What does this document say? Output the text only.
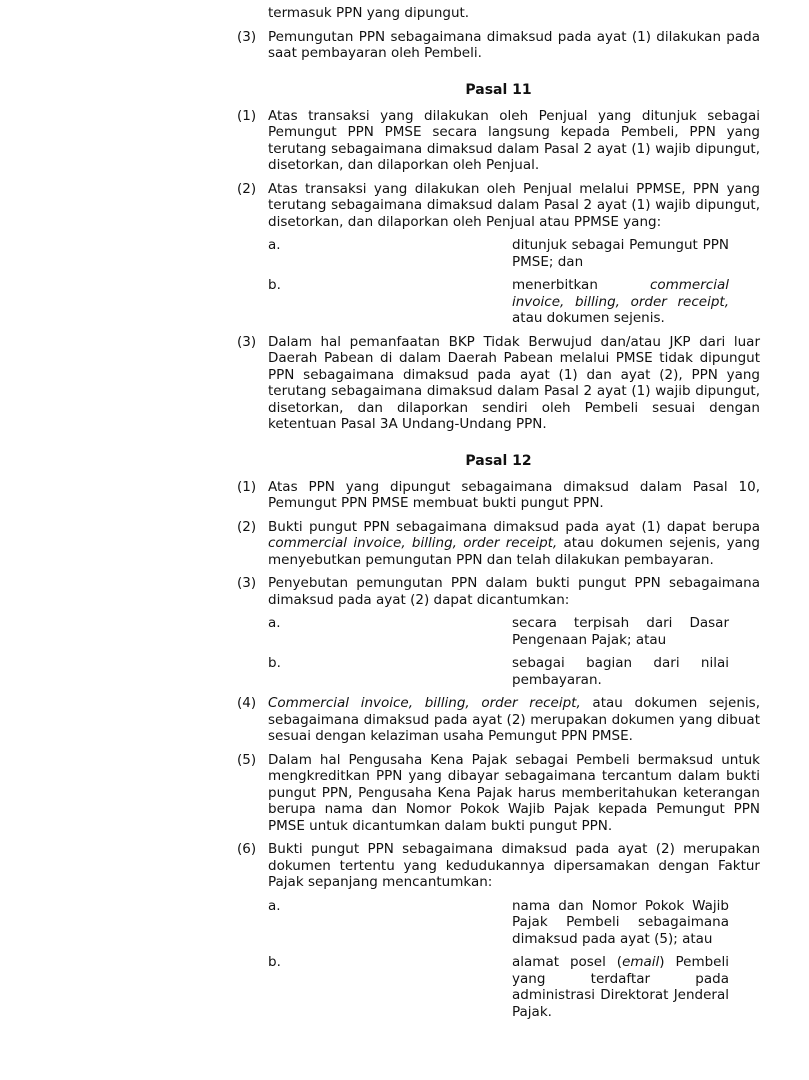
termasuk PPN yang dipungut.

(3) Pemungutan PPN sebagaimana dimaksud pada ayat (1) dilakukan pada saat pembayaran oleh Pembeli.

Pasal 11
(1) Atas transaksi yang dilakukan oleh Penjual yang ditunjuk sebagai Pemungut PPN PMSE secara langsung kepada Pembeli, PPN yang terutang sebagaimana dimaksud dalam Pasal 2 ayat (1) wajib dipungut, disetorkan, dan dilaporkan oleh Penjual.

(2) Atas transaksi yang dilakukan oleh Penjual melalui PPMSE, PPN yang terutang sebagaimana dimaksud dalam Pasal 2 ayat (1) wajib dipungut, disetorkan, dan dilaporkan oleh Penjual atau PPMSE yang:

a.	ditunjuk sebagai Pemungut PPN PMSE; dan

b.	menerbitkan commercial invoice, billing, order receipt, atau dokumen sejenis.

(3) Dalam hal pemanfaatan BKP Tidak Berwujud dan/atau JKP dari luar Daerah Pabean di dalam Daerah Pabean melalui PMSE tidak dipungut PPN sebagaimana dimaksud pada ayat (1) dan ayat (2), PPN yang terutang sebagaimana dimaksud dalam Pasal 2 ayat (1) wajib dipungut, disetorkan, dan dilaporkan sendiri oleh Pembeli sesuai dengan ketentuan Pasal 3A Undang-Undang PPN.

Pasal 12
(1) Atas PPN yang dipungut sebagaimana dimaksud dalam Pasal 10, Pemungut PPN PMSE membuat bukti pungut PPN.

(2) Bukti pungut PPN sebagaimana dimaksud pada ayat (1) dapat berupa commercial invoice, billing, order receipt, atau dokumen sejenis, yang menyebutkan pemungutan PPN dan telah dilakukan pembayaran.

(3) Penyebutan pemungutan PPN dalam bukti pungut PPN sebagaimana dimaksud pada ayat (2) dapat dicantumkan:

a.	secara terpisah dari Dasar Pengenaan Pajak; atau

b.	sebagai bagian dari nilai pembayaran.

(4) Commercial invoice, billing, order receipt, atau dokumen sejenis, sebagaimana dimaksud pada ayat (2) merupakan dokumen yang dibuat sesuai dengan kelaziman usaha Pemungut PPN PMSE.

(5) Dalam hal Pengusaha Kena Pajak sebagai Pembeli bermaksud untuk mengkreditkan PPN yang dibayar sebagaimana tercantum dalam bukti pungut PPN, Pengusaha Kena Pajak harus memberitahukan keterangan berupa nama dan Nomor Pokok Wajib Pajak kepada Pemungut PPN PMSE untuk dicantumkan dalam bukti pungut PPN.

(6) Bukti pungut PPN sebagaimana dimaksud pada ayat (2) merupakan dokumen tertentu yang kedudukannya dipersamakan dengan Faktur Pajak sepanjang mencantumkan:

a.	nama dan Nomor Pokok Wajib Pajak Pembeli sebagaimana dimaksud pada ayat (5); atau

b.	alamat posel (email) Pembeli yang terdaftar pada administrasi Direktorat Jenderal Pajak.
